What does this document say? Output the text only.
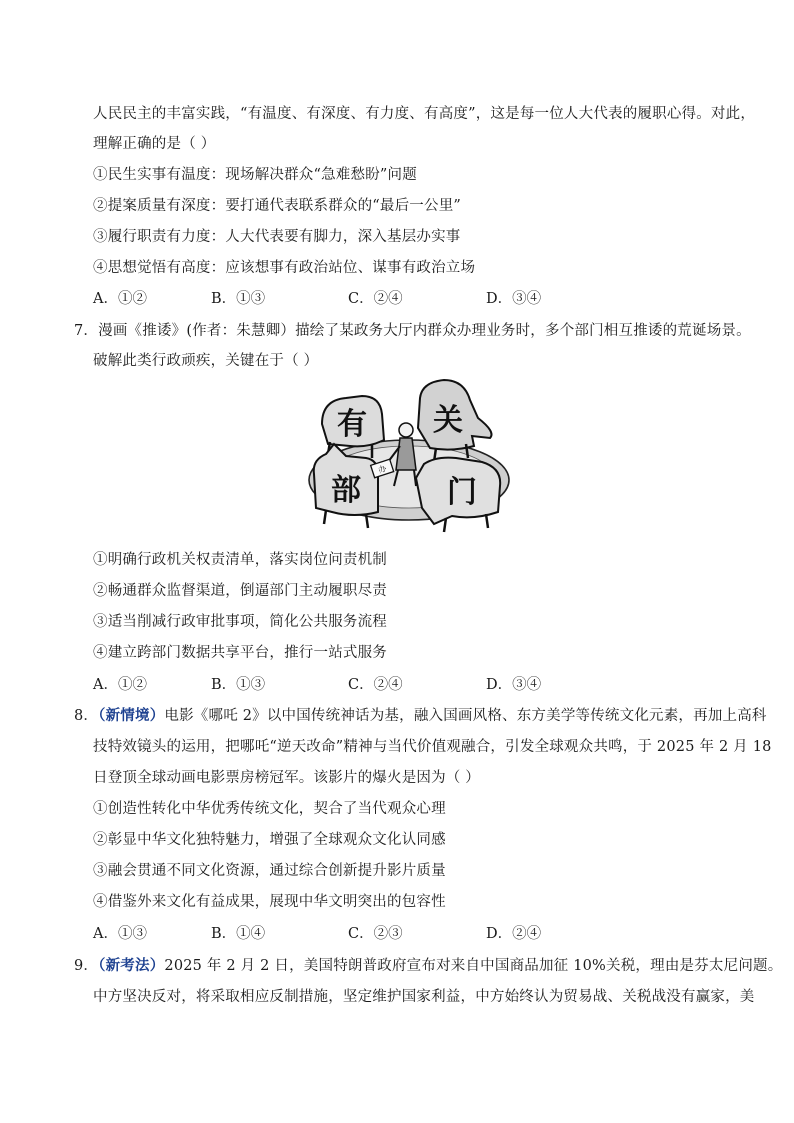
人民民主的丰富实践，“有温度、有深度、有力度、有高度”，这是每一位人大代表的履职心得。对此，
理解正确的是（ ）
①民生实事有温度：现场解决群众“急难愁盼”问题
②提案质量有深度：要打通代表联系群众的“最后一公里”
③履行职责有力度：人大代表要有脚力，深入基层办实事
④思想觉悟有高度：应该想事有政治站位、谋事有政治立场
A．①②	B．①③	C．②④	D．③④
7．漫画《推诿》(作者：朱慧卿）描绘了某政务大厅内群众办理业务时，多个部门相互推诿的荒诞场景。
破解此类行政顽疾，关键在于（ ）
办
有 关
部	门
①明确行政机关权责清单，落实岗位问责机制
②畅通群众监督渠道，倒逼部门主动履职尽责
③适当削减行政审批事项，简化公共服务流程
④建立跨部门数据共享平台，推行一站式服务
A．①②	B．①③	C．②④	D．③④
8．（新情境）电影《哪吒 2》以中国传统神话为基，融入国画风格、东方美学等传统文化元素，再加上高科
技特效镜头的运用，把哪吒“逆天改命”精神与当代价值观融合，引发全球观众共鸣，于 2025 年 2 月 18
日登顶全球动画电影票房榜冠军。该影片的爆火是因为（ ）
①创造性转化中华优秀传统文化，契合了当代观众心理
②彰显中华文化独特魅力，增强了全球观众文化认同感
③融会贯通不同文化资源，通过综合创新提升影片质量
④借鉴外来文化有益成果，展现中华文明突出的包容性
A．①③	B．①④	C．②③	D．②④
9．（新考法）2025 年 2 月 2 日，美国特朗普政府宣布对来自中国商品加征 10%关税，理由是芬太尼问题。
中方坚决反对，将采取相应反制措施，坚定维护国家利益，中方始终认为贸易战、关税战没有赢家，美
